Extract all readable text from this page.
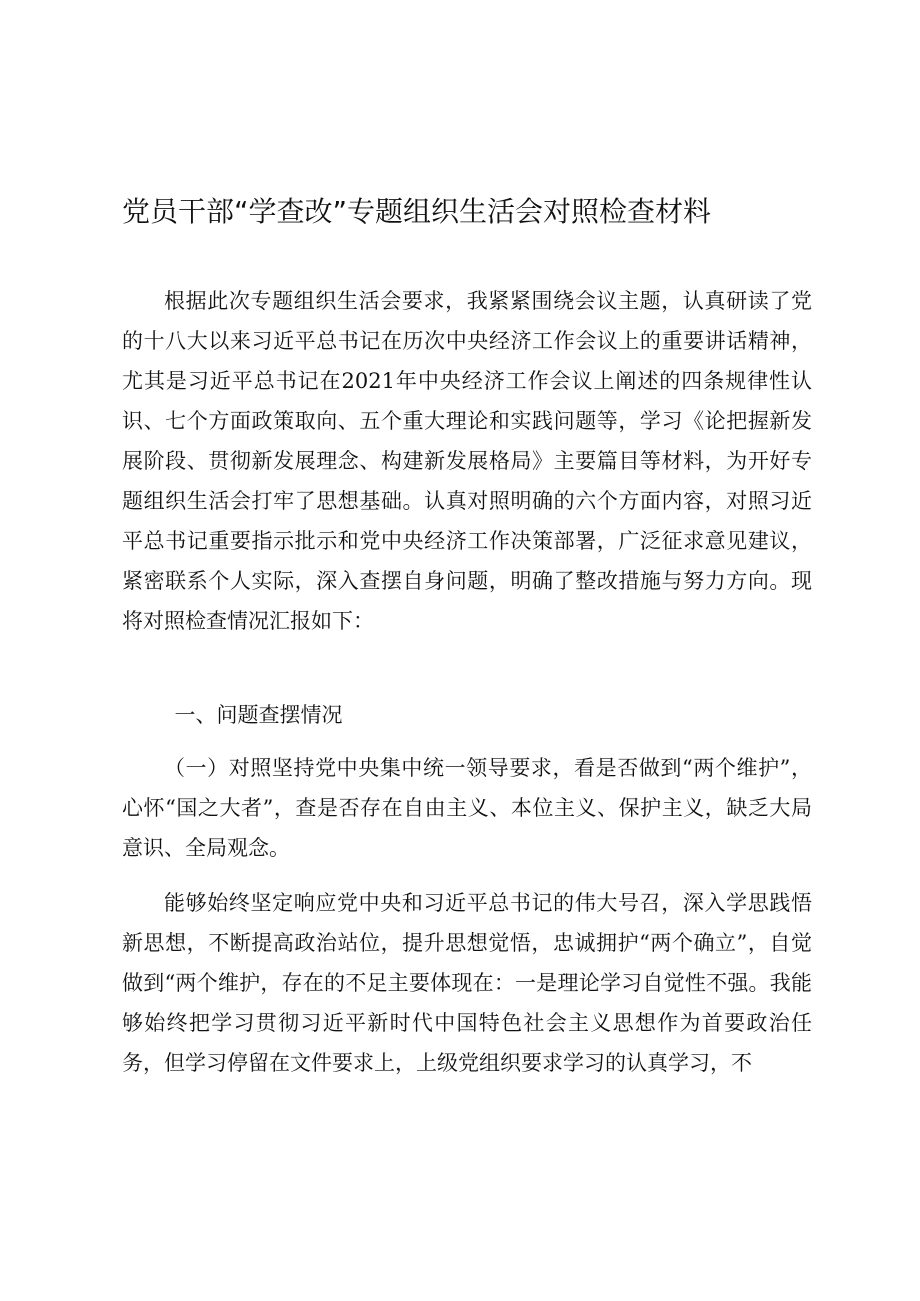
党员干部“学查改”专题组织生活会对照检查材料
根据此次专题组织生活会要求，我紧紧围绕会议主题，认真研读了党的十八大以来习近平总书记在历次中央经济工作会议上的重要讲话精神，尤其是习近平总书记在2021年中央经济工作会议上阐述的四条规律性认识、七个方面政策取向、五个重大理论和实践问题等，学习《论把握新发展阶段、贯彻新发展理念、构建新发展格局》主要篇目等材料，为开好专题组织生活会打牢了思想基础。认真对照明确的六个方面内容，对照习近平总书记重要指示批示和党中央经济工作决策部署，广泛征求意见建议，紧密联系个人实际，深入查摆自身问题，明确了整改措施与努力方向。现将对照检查情况汇报如下：
一、问题查摆情况
（一）对照坚持党中央集中统一领导要求，看是否做到“两个维护”，心怀“国之大者”，查是否存在自由主义、本位主义、保护主义，缺乏大局意识、全局观念。
能够始终坚定响应党中央和习近平总书记的伟大号召，深入学思践悟新思想，不断提高政治站位，提升思想觉悟，忠诚拥护“两个确立”，自觉做到“两个维护，存在的不足主要体现在：一是理论学习自觉性不强。我能够始终把学习贯彻习近平新时代中国特色社会主义思想作为首要政治任务，但学习停留在文件要求上，上级党组织要求学习的认真学习，不
